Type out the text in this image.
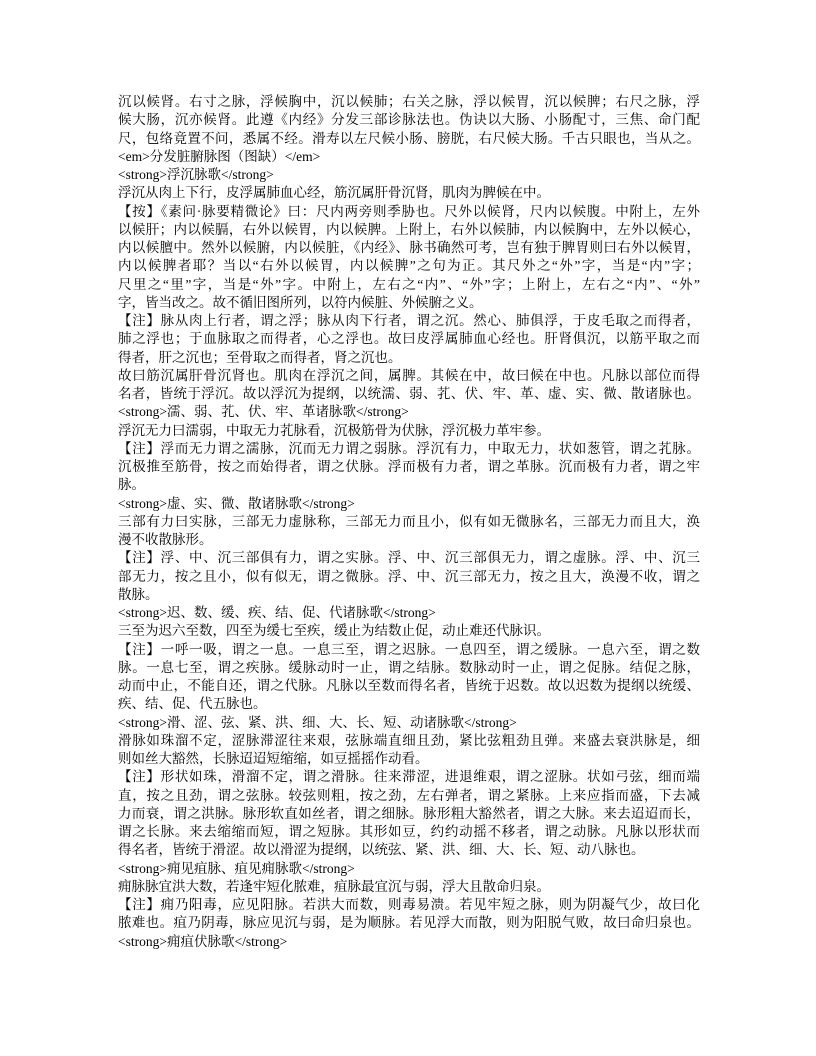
沉以候肾。右寸之脉，浮候胸中，沉以候肺；右关之脉，浮以候胃，沉以候脾；右尺之脉，浮
候大肠，沉亦候肾。此遵《内经》分发三部诊脉法也。伪诀以大肠、小肠配寸，三焦、命门配
尺，包络竟置不问，悉属不经。滑寿以左尺候小肠、膀胱，右尺候大肠。千古只眼也，当从之。
<em>分发脏腑脉图（图缺）</em>
<strong>浮沉脉歌</strong>
浮沉从肉上下行，皮浮属肺血心经，筋沉属肝骨沉肾，肌肉为脾候在中。
【按】《素问·脉要精微论》曰：尺内两旁则季胁也。尺外以候肾，尺内以候腹。中附上，左外
以候肝；内以候膈，右外以候胃，内以候脾。上附上，右外以候肺，内以候胸中，左外以候心，
内以候膻中。然外以候腑，内以候脏，《内经》、脉书确然可考，岂有独于脾胃则曰右外以候胃，
内以候脾者耶？当以“右外以候胃，内以候脾”之句为正。其尺外之“外”字，当是“内”字；
尺里之“里”字，当是“外”字。中附上，左右之“内”、“外”字；上附上，左右之“内”、“外”
字，皆当改之。故不循旧图所列，以符内候脏、外候腑之义。
【注】脉从肉上行者，谓之浮；脉从肉下行者，谓之沉。然心、肺俱浮，于皮毛取之而得者，
肺之浮也；于血脉取之而得者，心之浮也。故曰皮浮属肺血心经也。肝肾俱沉，以筋平取之而
得者，肝之沉也；至骨取之而得者，肾之沉也。
故曰筋沉属肝骨沉肾也。肌肉在浮沉之间，属脾。其候在中，故曰候在中也。凡脉以部位而得
名者，皆统于浮沉。故以浮沉为提纲，以统濡、弱、芤、伏、牢、革、虚、实、微、散诸脉也。
<strong>濡、弱、芤、伏、牢、革诸脉歌</strong>
浮沉无力曰濡弱，中取无力芤脉看，沉极筋骨为伏脉，浮沉极力革牢参。
【注】浮而无力谓之濡脉，沉而无力谓之弱脉。浮沉有力，中取无力，状如葱管，谓之芤脉。
沉极推至筋骨，按之而始得者，谓之伏脉。浮而极有力者，谓之革脉。沉而极有力者，谓之牢
脉。
<strong>虚、实、微、散诸脉歌</strong>
三部有力曰实脉，三部无力虚脉称，三部无力而且小，似有如无微脉名，三部无力而且大，涣
漫不收散脉形。
【注】浮、中、沉三部俱有力，谓之实脉。浮、中、沉三部俱无力，谓之虚脉。浮、中、沉三
部无力，按之且小，似有似无，谓之微脉。浮、中、沉三部无力，按之且大，涣漫不收，谓之
散脉。
<strong>迟、数、缓、疾、结、促、代诸脉歌</strong>
三至为迟六至数，四至为缓七至疾，缓止为结数止促，动止难还代脉识。
【注】一呼一吸，谓之一息。一息三至，谓之迟脉。一息四至，谓之缓脉。一息六至，谓之数
脉。一息七至，谓之疾脉。缓脉动时一止，谓之结脉。数脉动时一止，谓之促脉。结促之脉，
动而中止，不能自还，谓之代脉。凡脉以至数而得名者，皆统于迟数。故以迟数为提纲以统缓、
疾、结、促、代五脉也。
<strong>滑、涩、弦、紧、洪、细、大、长、短、动诸脉歌</strong>
滑脉如珠溜不定，涩脉滞涩往来艰，弦脉端直细且劲，紧比弦粗劲且弹。来盛去衰洪脉是，细
则如丝大豁然，长脉迢迢短缩缩，如豆摇摇作动看。
【注】形状如珠，滑溜不定，谓之滑脉。往来滞涩，进退维艰，谓之涩脉。状如弓弦，细而端
直，按之且劲，谓之弦脉。较弦则粗，按之劲，左右弹者，谓之紧脉。上来应指而盛，下去减
力而衰，谓之洪脉。脉形软直如丝者，谓之细脉。脉形粗大豁然者，谓之大脉。来去迢迢而长，
谓之长脉。来去缩缩而短，谓之短脉。其形如豆，约约动摇不移者，谓之动脉。凡脉以形状而
得名者，皆统于滑涩。故以滑涩为提纲，以统弦、紧、洪、细、大、长、短、动八脉也。
<strong>痈见疽脉、疽见痈脉歌</strong>
痈脉脉宜洪大数，若逢牢短化脓难，疽脉最宜沉与弱，浮大且散命归泉。
【注】痈乃阳毒，应见阳脉。若洪大而数，则毒易溃。若见牢短之脉，则为阴凝气少，故曰化
脓难也。疽乃阴毒，脉应见沉与弱，是为顺脉。若见浮大而散，则为阳脱气败，故曰命归泉也。
<strong>痈疽伏脉歌</strong>
